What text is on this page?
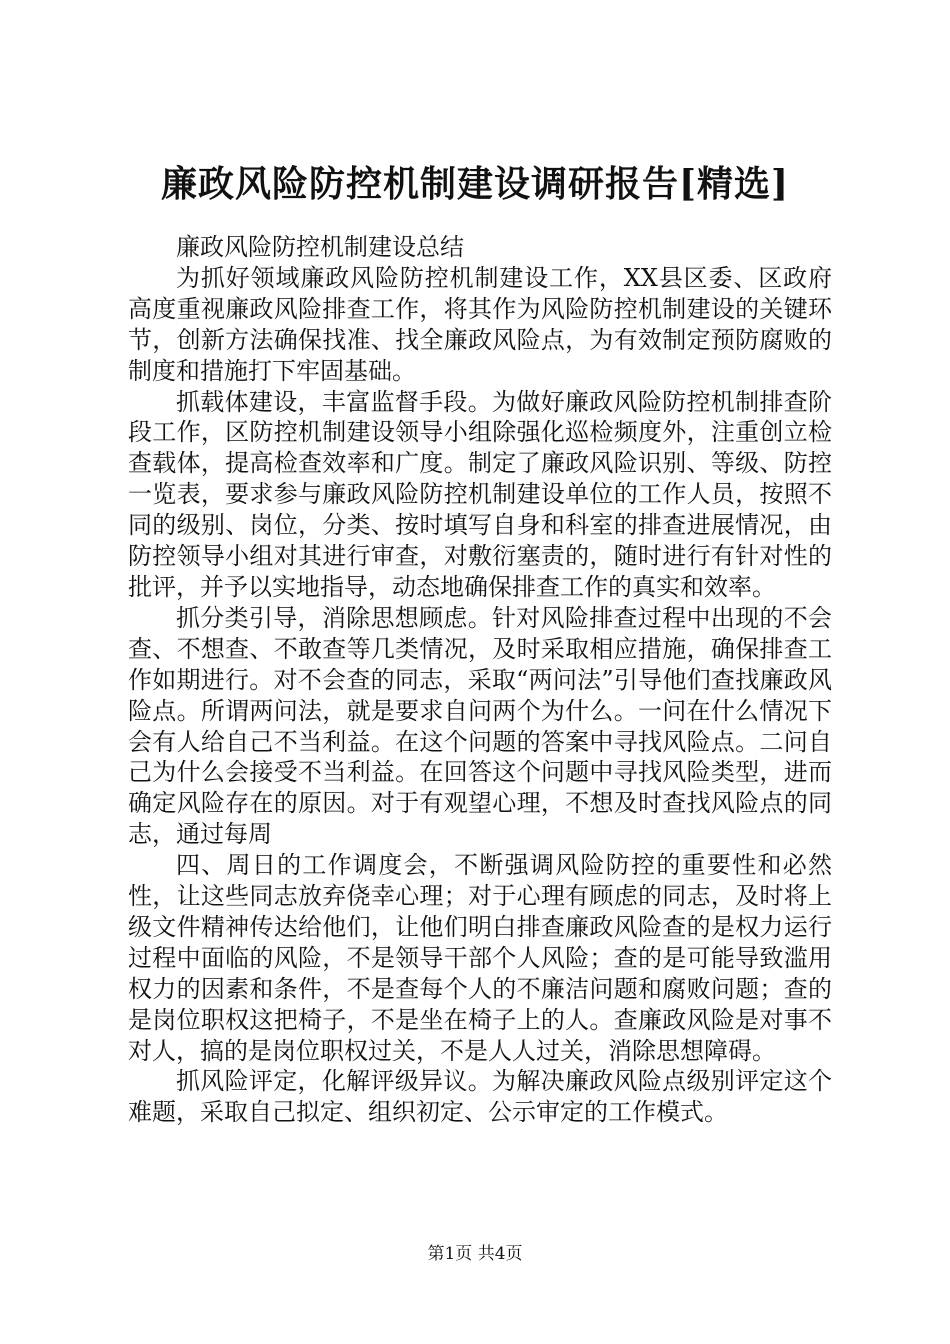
廉政风险防控机制建设调研报告[精选]

廉政风险防控机制建设总结

为抓好领域廉政风险防控机制建设工作，XX县区委、区政府高度重视廉政风险排查工作，将其作为风险防控机制建设的关键环节，创新方法确保找准、找全廉政风险点，为有效制定预防腐败的制度和措施打下牢固基础。

抓载体建设，丰富监督手段。为做好廉政风险防控机制排查阶段工作，区防控机制建设领导小组除强化巡检频度外，注重创立检查载体，提高检查效率和广度。制定了廉政风险识别、等级、防控一览表，要求参与廉政风险防控机制建设单位的工作人员，按照不同的级别、岗位，分类、按时填写自身和科室的排查进展情况，由防控领导小组对其进行审查，对敷衍塞责的，随时进行有针对性的批评，并予以实地指导，动态地确保排查工作的真实和效率。

抓分类引导，消除思想顾虑。针对风险排查过程中出现的不会查、不想查、不敢查等几类情况，及时采取相应措施，确保排查工作如期进行。对不会查的同志，采取“两问法”引导他们查找廉政风险点。所谓两问法，就是要求自问两个为什么。一问在什么情况下会有人给自己不当利益。在这个问题的答案中寻找风险点。二问自己为什么会接受不当利益。在回答这个问题中寻找风险类型，进而确定风险存在的原因。对于有观望心理，不想及时查找风险点的同志，通过每周

四、周日的工作调度会，不断强调风险防控的重要性和必然性，让这些同志放弃侥幸心理；对于心理有顾虑的同志，及时将上级文件精神传达给他们，让他们明白排查廉政风险查的是权力运行过程中面临的风险，不是领导干部个人风险；查的是可能导致滥用权力的因素和条件，不是查每个人的不廉洁问题和腐败问题；查的是岗位职权这把椅子，不是坐在椅子上的人。查廉政风险是对事不对人，搞的是岗位职权过关，不是人人过关，消除思想障碍。

抓风险评定，化解评级异议。为解决廉政风险点级别评定这个难题，采取自己拟定、组织初定、公示审定的工作模式。

第1页 共4页
